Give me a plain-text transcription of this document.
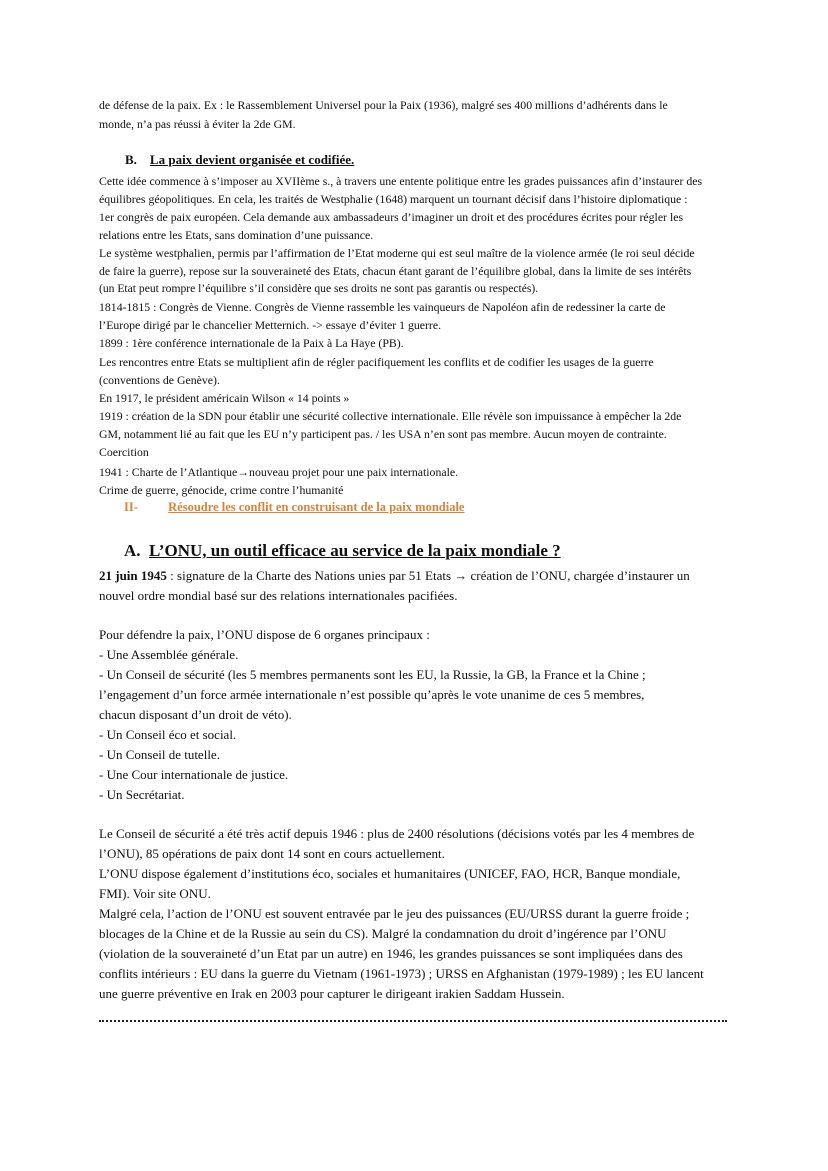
de défense de la paix. Ex : le Rassemblement Universel pour la Paix (1936), malgré ses 400 millions d’adhérents dans le

monde, n’a pas réussi à éviter la 2de GM.

B. La paix devient organisée et codifiée.

Cette idée commence à s’imposer au XVIIème s., à travers une entente politique entre les grades puissances afin d’instaurer des

équilibres géopolitiques. En cela, les traités de Westphalie (1648) marquent un tournant décisif dans l’histoire diplomatique :

1er congrès de paix européen. Cela demande aux ambassadeurs d’imaginer un droit et des procédures écrites pour régler les

relations entre les Etats, sans domination d’une puissance.

Le système westphalien, permis par l’affirmation de l’Etat moderne qui est seul maître de la violence armée (le roi seul décide

de faire la guerre), repose sur la souveraineté des Etats, chacun étant garant de l’équilibre global, dans la limite de ses intérêts

(un Etat peut rompre l’équilibre s’il considère que ses droits ne sont pas garantis ou respectés).

1814-1815 : Congrès de Vienne. Congrès de Vienne rassemble les vainqueurs de Napoléon afin de redessiner la carte de

l’Europe dirigé par le chancelier Metternich. -> essaye d’éviter 1 guerre.

1899 : 1ère conférence internationale de la Paix à La Haye (PB).

Les rencontres entre Etats se multiplient afin de régler pacifiquement les conflits et de codifier les usages de la guerre

(conventions de Genève).

En 1917, le président américain Wilson « 14 points »

1919 : création de la SDN pour établir une sécurité collective internationale. Elle révèle son impuissance à empêcher la 2de

GM, notamment lié au fait que les EU n’y participent pas. / les USA n’en sont pas membre. Aucun moyen de contrainte.

Coercition

1941 : Charte de l’Atlantique→nouveau projet pour une paix internationale.

Crime de guerre, génocide, crime contre l’humanité

II- Résoudre les conflit en construisant de la paix mondiale
A. L’ONU, un outil efficace au service de la paix mondiale ?

21 juin 1945 : signature de la Charte des Nations unies par 51 Etats → création de l’ONU, chargée d’instaurer un

nouvel ordre mondial basé sur des relations internationales pacifiées.

Pour défendre la paix, l’ONU dispose de 6 organes principaux :

- Une Assemblée générale.

- Un Conseil de sécurité (les 5 membres permanents sont les EU, la Russie, la GB, la France et la Chine ;

l’engagement d’un force armée internationale n’est possible qu’après le vote unanime de ces 5 membres,

chacun disposant d’un droit de véto).

- Un Conseil éco et social.

- Un Conseil de tutelle.

- Une Cour internationale de justice.

- Un Secrétariat.

Le Conseil de sécurité a été très actif depuis 1946 : plus de 2400 résolutions (décisions votés par les 4 membres de

l’ONU), 85 opérations de paix dont 14 sont en cours actuellement.

L’ONU dispose également d’institutions éco, sociales et humanitaires (UNICEF, FAO, HCR, Banque mondiale,

FMI). Voir site ONU.

Malgré cela, l’action de l’ONU est souvent entravée par le jeu des puissances (EU/URSS durant la guerre froide ;

blocages de la Chine et de la Russie au sein du CS). Malgré la condamnation du droit d’ingérence par l’ONU

(violation de la souveraineté d’un Etat par un autre) en 1946, les grandes puissances se sont impliquées dans des

conflits intérieurs : EU dans la guerre du Vietnam (1961-1973) ; URSS en Afghanistan (1979-1989) ; les EU lancent

une guerre préventive en Irak en 2003 pour capturer le dirigeant irakien Saddam Hussein.
